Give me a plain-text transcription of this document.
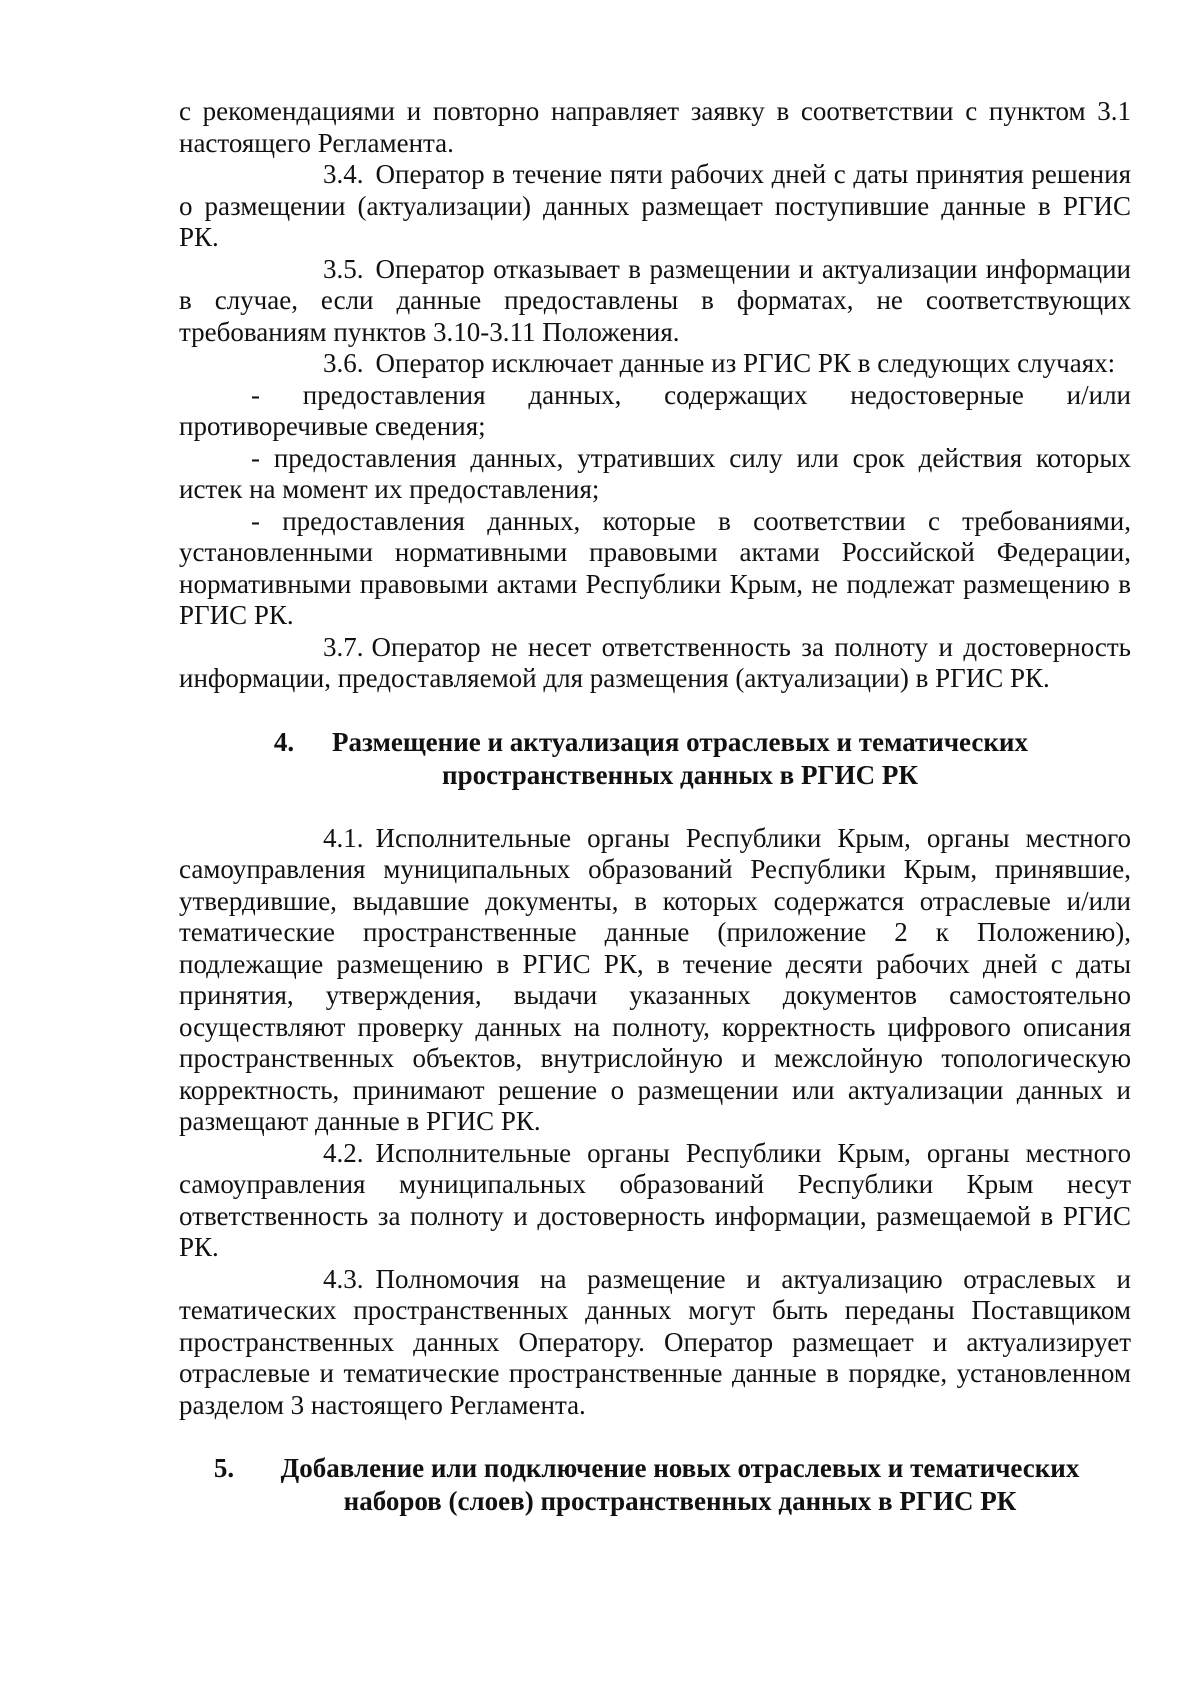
с рекомендациями и повторно направляет заявку в соответствии с пунктом 3.1 настоящего Регламента.

3.4. Оператор в течение пяти рабочих дней с даты принятия решения о размещении (актуализации) данных размещает поступившие данные в РГИС РК.

3.5. Оператор отказывает в размещении и актуализации информации в случае, если данные предоставлены в форматах, не соответствующих требованиям пунктов 3.10-3.11 Положения.

3.6. Оператор исключает данные из РГИС РК в следующих случаях:

- предоставления данных, содержащих недостоверные и/или противоречивые сведения;

- предоставления данных, утративших силу или срок действия которых истек на момент их предоставления;

- предоставления данных, которые в соответствии с требованиями, установленными нормативными правовыми актами Российской Федерации, нормативными правовыми актами Республики Крым, не подлежат размещению в РГИС РК.

3.7. Оператор не несет ответственность за полноту и достоверность информации, предоставляемой для размещения (актуализации) в РГИС РК.

4.	Размещение и актуализация отраслевых и тематических
пространственных данных в РГИС РК

4.1. Исполнительные органы Республики Крым, органы местного самоуправления муниципальных образований Республики Крым, принявшие, утвердившие, выдавшие документы, в которых содержатся отраслевые и/или тематические пространственные данные (приложение 2 к Положению), подлежащие размещению в РГИС РК, в течение десяти рабочих дней с даты принятия, утверждения, выдачи указанных документов самостоятельно осуществляют проверку данных на полноту, корректность цифрового описания пространственных объектов, внутрислойную и межслойную топологическую корректность, принимают решение о размещении или актуализации данных и размещают данные в РГИС РК.

4.2. Исполнительные органы Республики Крым, органы местного самоуправления муниципальных образований Республики Крым несут ответственность за полноту и достоверность информации, размещаемой в РГИС РК.

4.3. Полномочия на размещение и актуализацию отраслевых и тематических пространственных данных могут быть переданы Поставщиком пространственных данных Оператору. Оператор размещает и актуализирует отраслевые и тематические пространственные данные в порядке, установленном разделом 3 настоящего Регламента.

5.	Добавление или подключение новых отраслевых и тематических
наборов (слоев) пространственных данных в РГИС РК
